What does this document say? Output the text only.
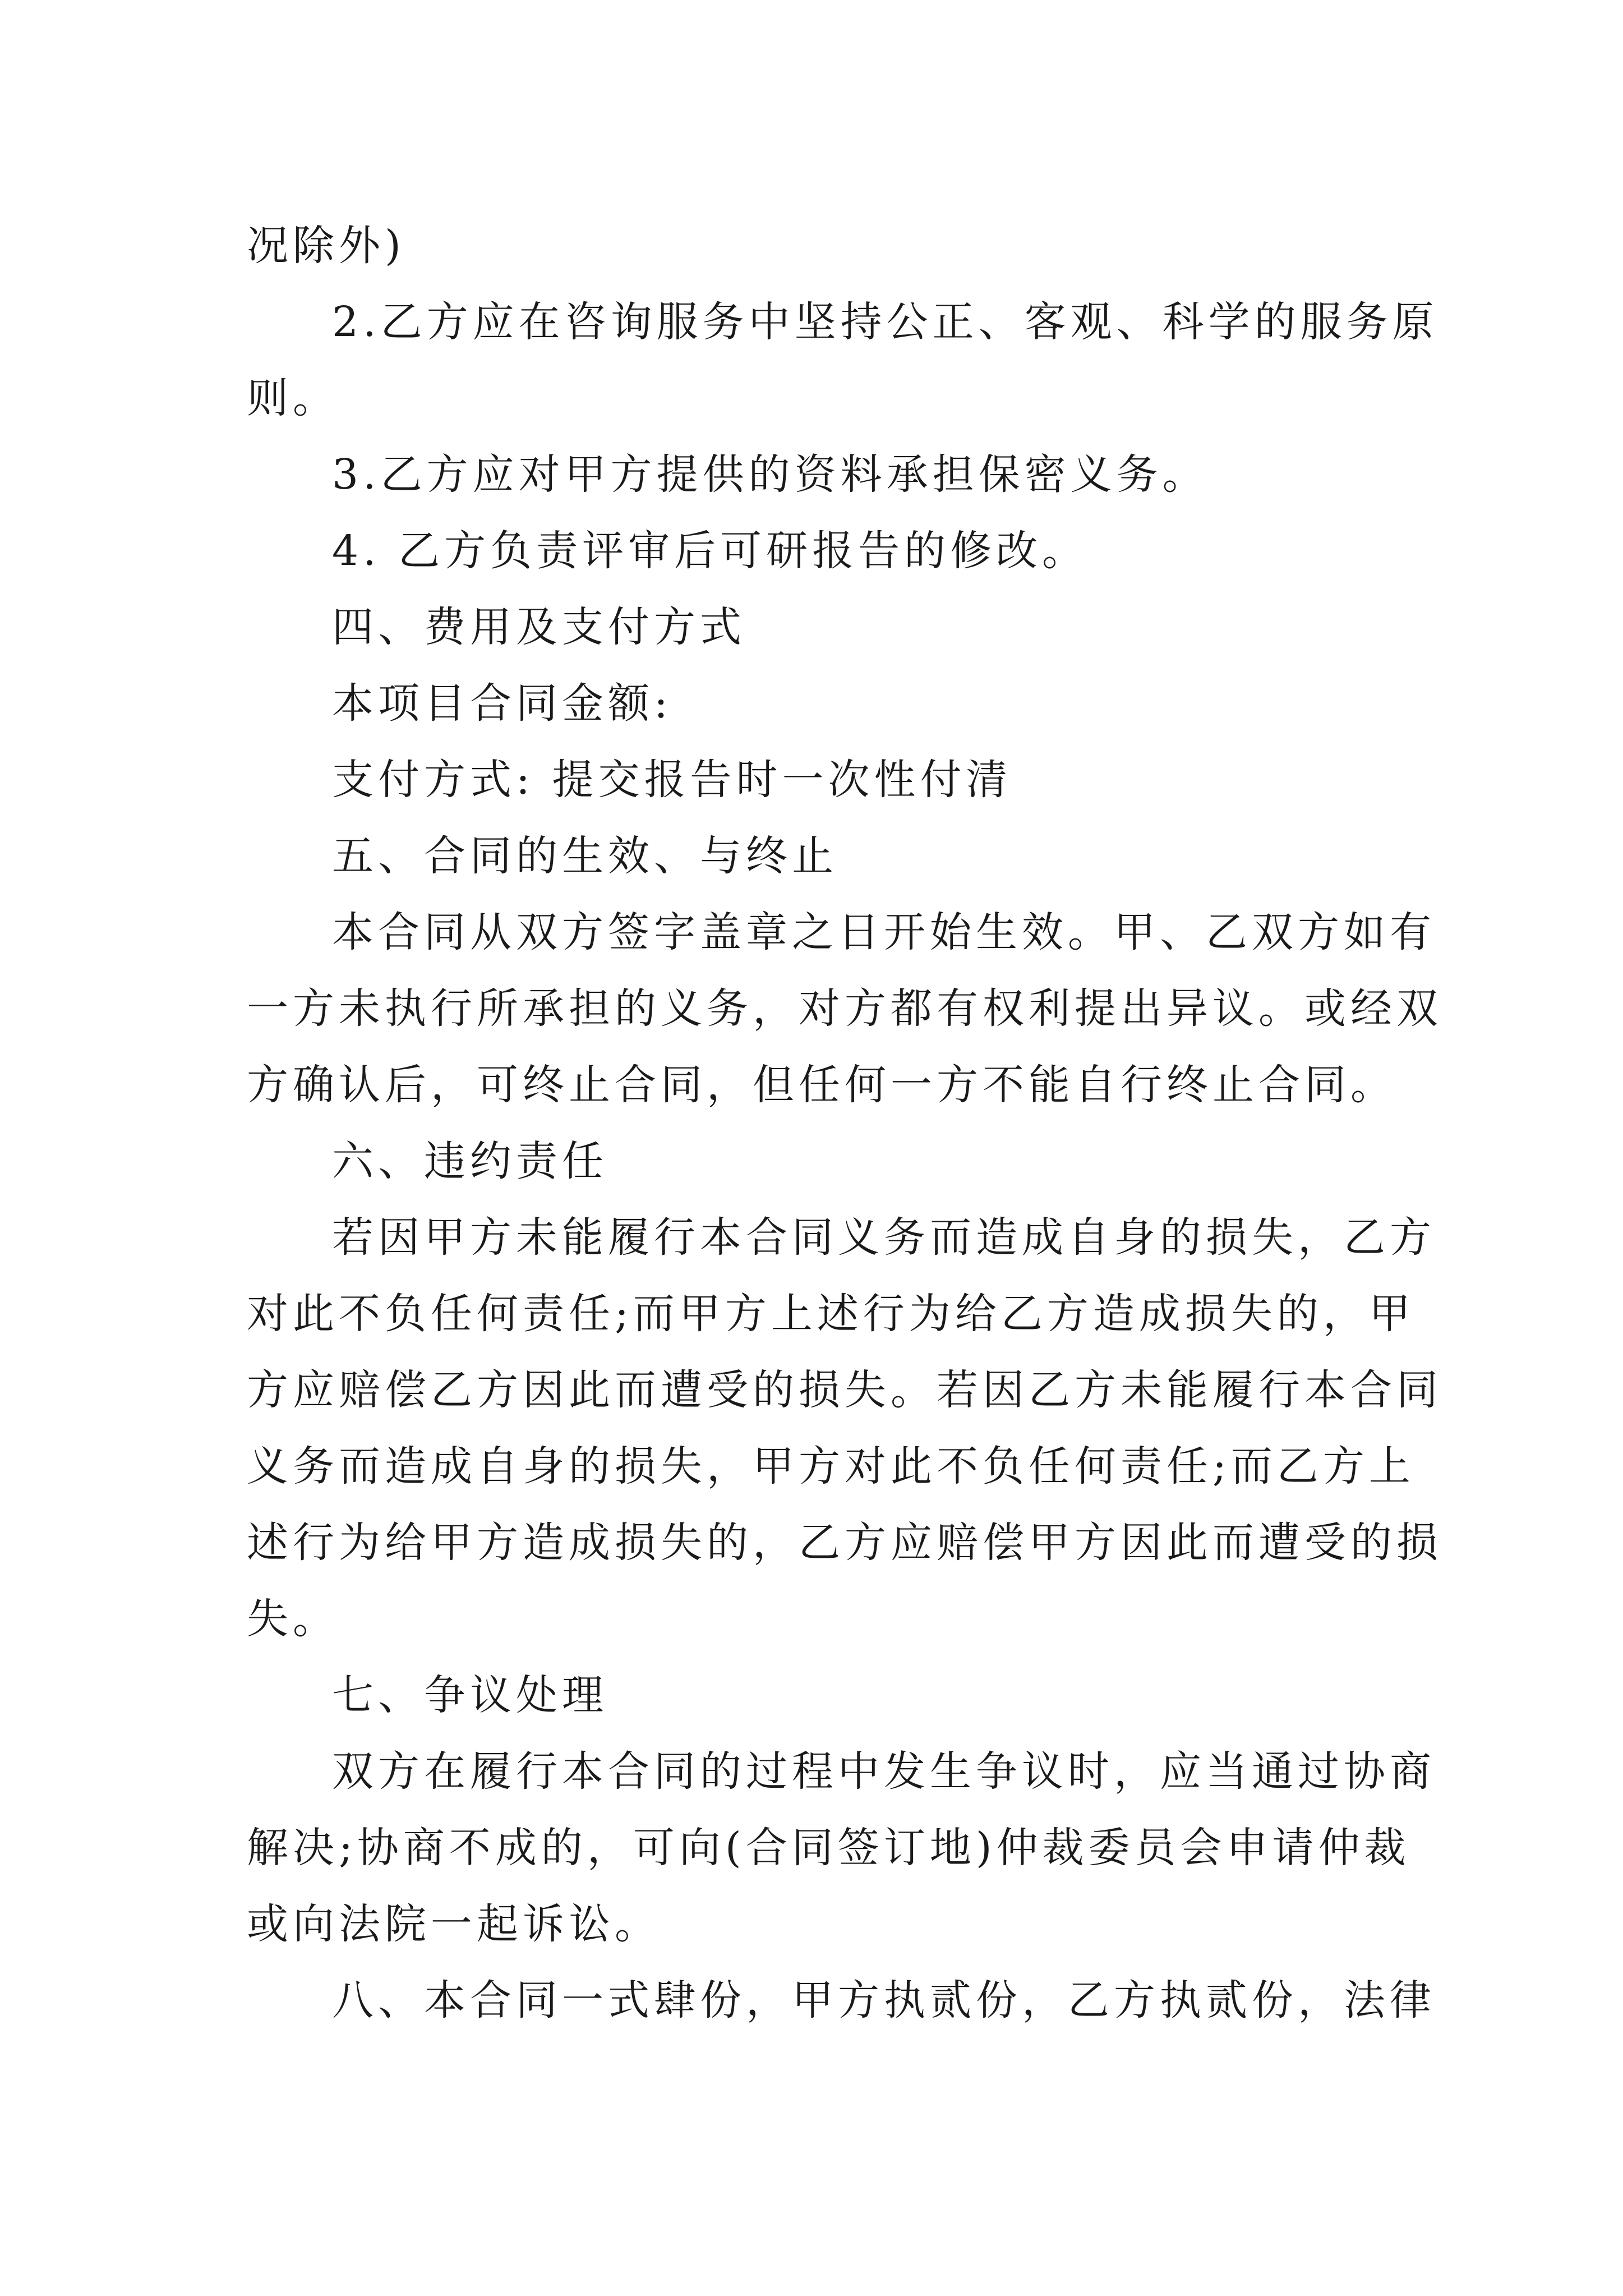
况除外)
2.乙方应在咨询服务中坚持公正、客观、科学的服务原
则。
3.乙方应对甲方提供的资料承担保密义务。
4. 乙方负责评审后可研报告的修改。
四、费用及支付方式
本项目合同金额:
支付方式: 提交报告时一次性付清
五、合同的生效、与终止
本合同从双方签字盖章之日开始生效。甲、乙双方如有
一方未执行所承担的义务，对方都有权利提出异议。或经双
方确认后，可终止合同，但任何一方不能自行终止合同。
六、违约责任
若因甲方未能履行本合同义务而造成自身的损失，乙方
对此不负任何责任;而甲方上述行为给乙方造成损失的，甲
方应赔偿乙方因此而遭受的损失。若因乙方未能履行本合同
义务而造成自身的损失，甲方对此不负任何责任;而乙方上
述行为给甲方造成损失的，乙方应赔偿甲方因此而遭受的损
失。
七、争议处理
双方在履行本合同的过程中发生争议时，应当通过协商
解决;协商不成的，可向(合同签订地)仲裁委员会申请仲裁
或向法院一起诉讼。
八、本合同一式肆份，甲方执贰份，乙方执贰份，法律
